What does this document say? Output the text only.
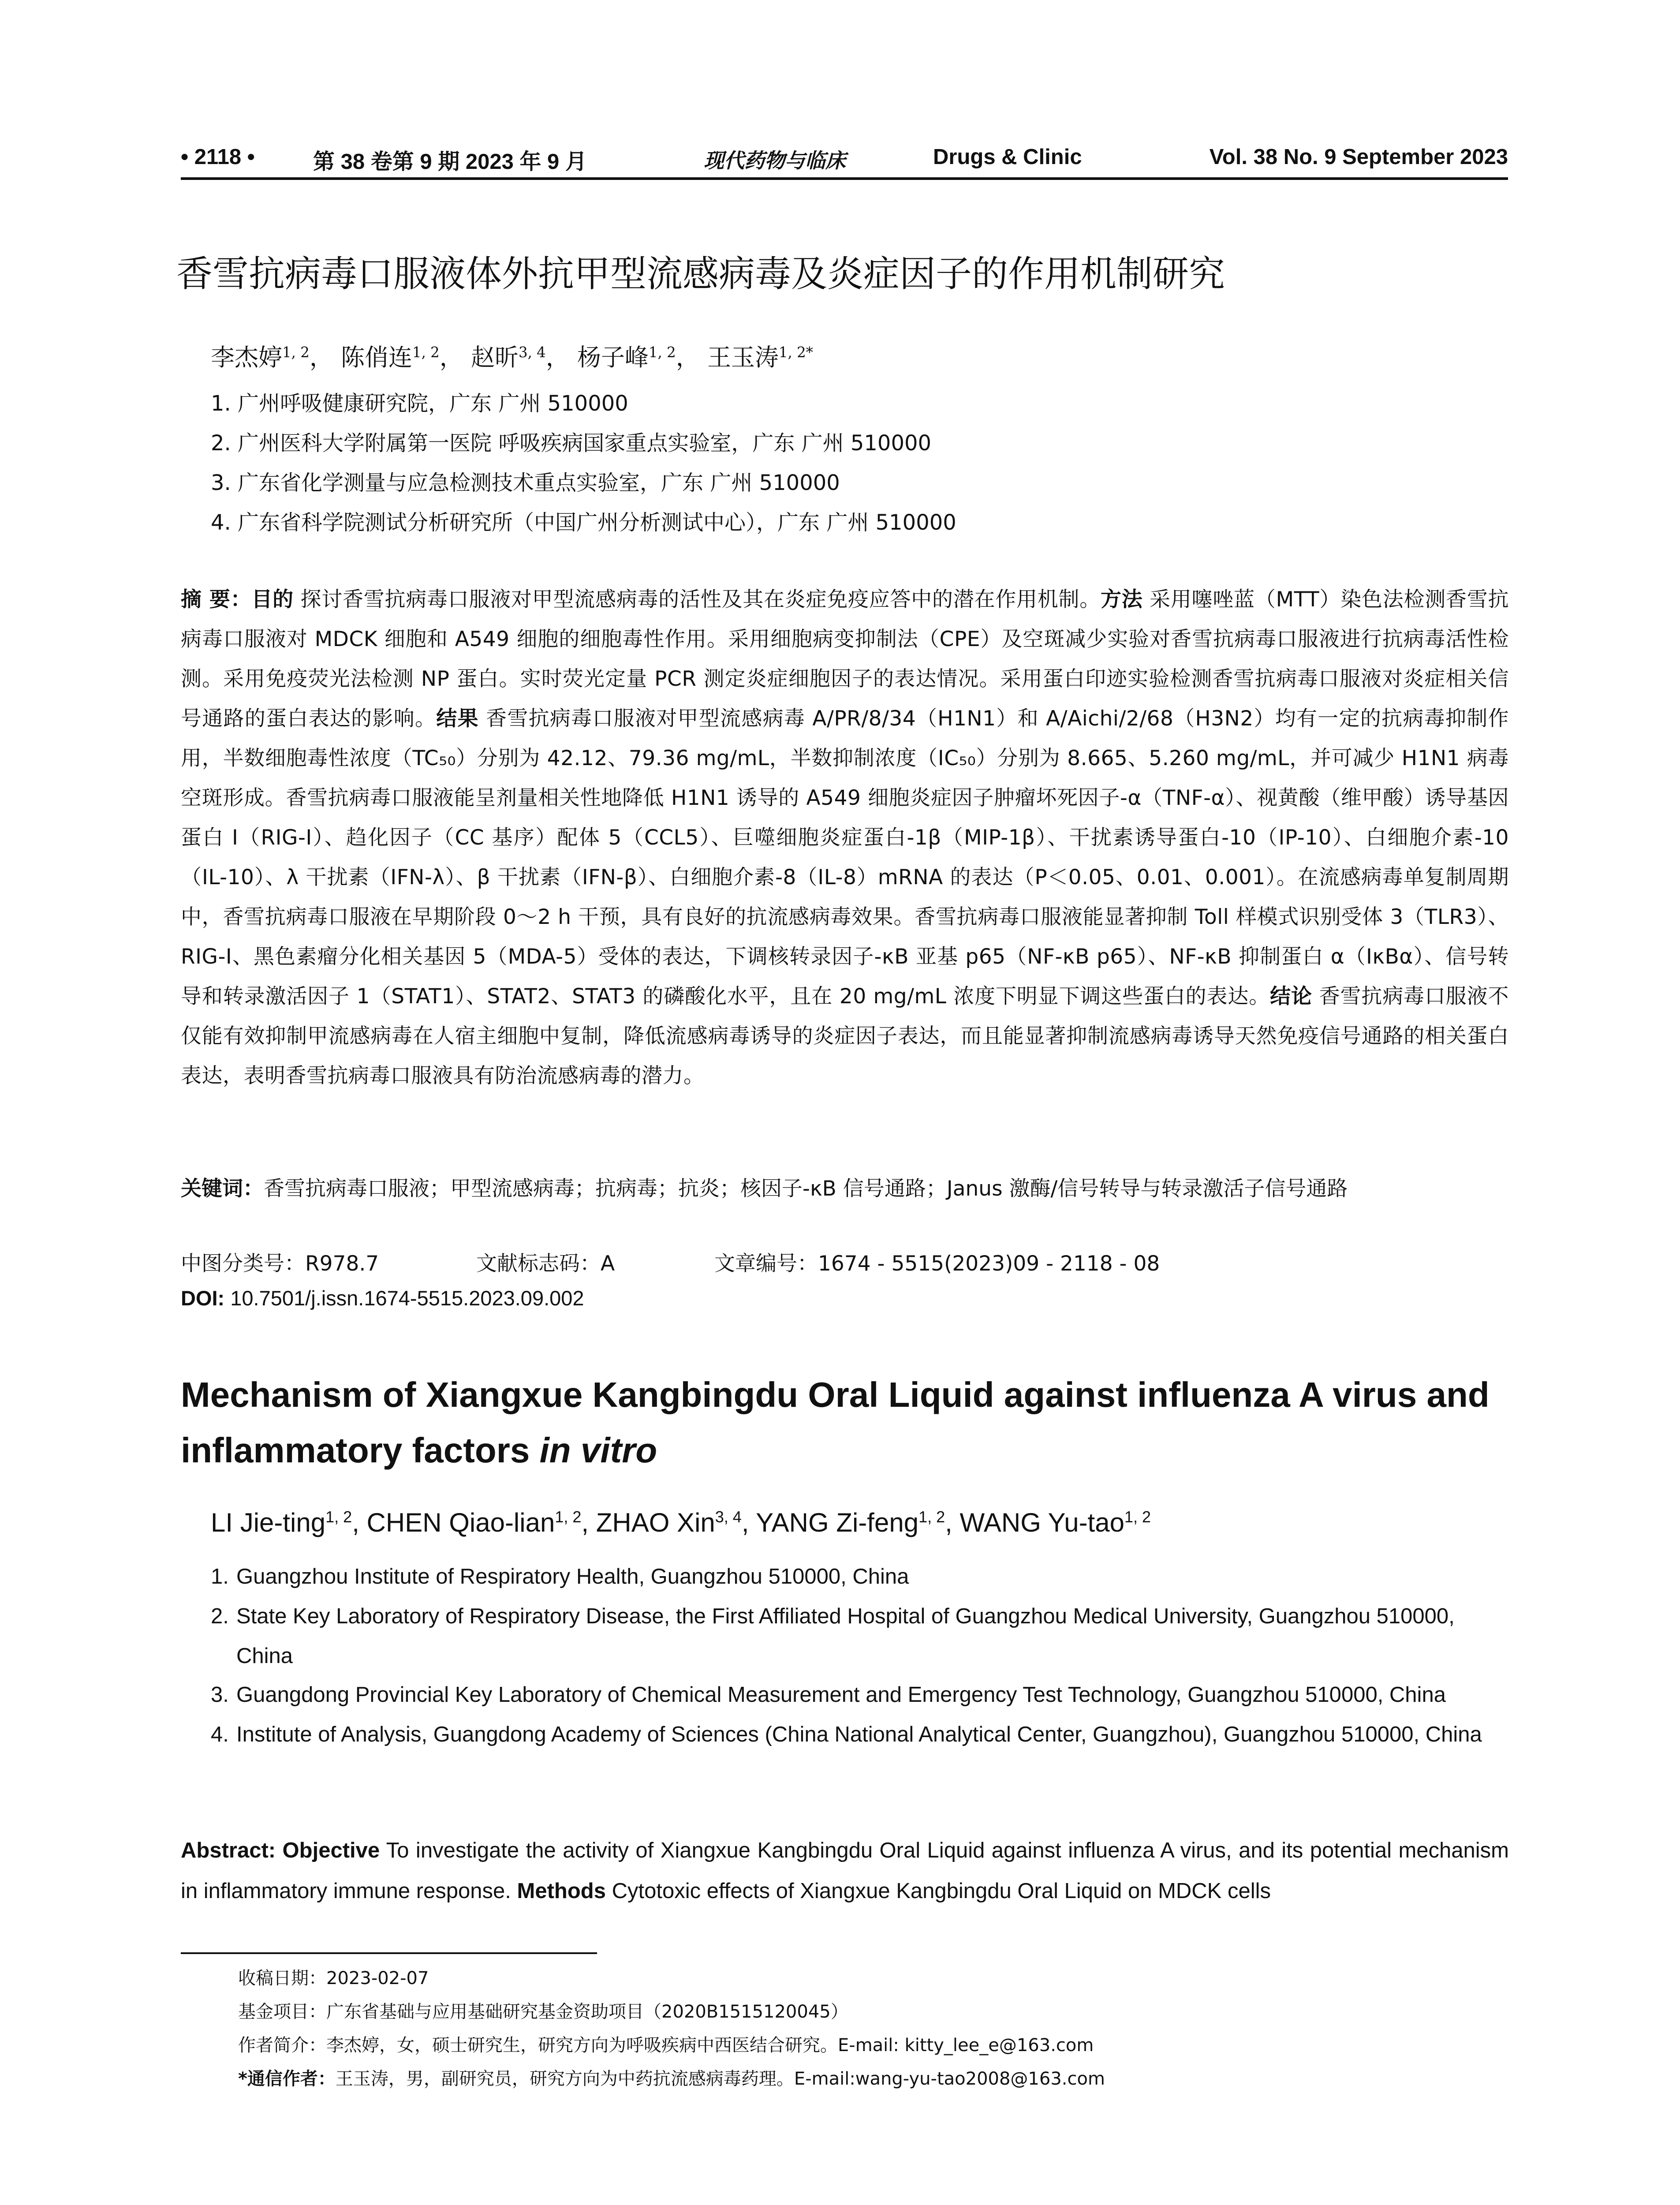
• 2118 •	第 38 卷第 9 期 2023 年 9 月	现代药物与临床	Drugs & Clinic	Vol. 38 No. 9 September 2023
香雪抗病毒口服液体外抗甲型流感病毒及炎症因子的作用机制研究
李杰婷$^{1, 2}$， 陈俏连$^{1, 2}$， 赵昕$^{3, 4}$， 杨子峰$^{1, 2}$， 王玉涛$^{1, 2*}$
1. 广州呼吸健康研究院，广东 广州 510000
2. 广州医科大学附属第一医院 呼吸疾病国家重点实验室，广东 广州 510000
3. 广东省化学测量与应急检测技术重点实验室，广东 广州 510000
4. 广东省科学院测试分析研究所（中国广州分析测试中心），广东 广州 510000
摘 要：目的 探讨香雪抗病毒口服液对甲型流感病毒的活性及其在炎症免疫应答中的潜在作用机制。方法 采用噻唑蓝（MTT）染色法检测香雪抗病毒口服液对 MDCK 细胞和 A549 细胞的细胞毒性作用。采用细胞病变抑制法（CPE）及空斑减少实验对香雪抗病毒口服液进行抗病毒活性检测。采用免疫荧光法检测 NP 蛋白。实时荧光定量 PCR 测定炎症细胞因子的表达情况。采用蛋白印迹实验检测香雪抗病毒口服液对炎症相关信号通路的蛋白表达的影响。结果 香雪抗病毒口服液对甲型流感病毒 A/PR/8/34（H1N1）和 A/Aichi/2/68（H3N2）均有一定的抗病毒抑制作用，半数细胞毒性浓度（TC₅₀）分别为 42.12、79.36 mg/mL，半数抑制浓度（IC₅₀）分别为 8.665、5.260 mg/mL，并可减少 H1N1 病毒空斑形成。香雪抗病毒口服液能呈剂量相关性地降低 H1N1 诱导的 A549 细胞炎症因子肿瘤坏死因子-α（TNF-α）、视黄酸（维甲酸）诱导基因蛋白 I（RIG-I）、趋化因子（CC 基序）配体 5（CCL5）、巨噬细胞炎症蛋白-1β（MIP-1β）、干扰素诱导蛋白-10（IP-10）、白细胞介素-10（IL-10）、λ 干扰素（IFN-λ）、β 干扰素（IFN-β）、白细胞介素-8（IL-8）mRNA 的表达（P＜0.05、0.01、0.001）。在流感病毒单复制周期中，香雪抗病毒口服液在早期阶段 0～2 h 干预，具有良好的抗流感病毒效果。香雪抗病毒口服液能显著抑制 Toll 样模式识别受体 3（TLR3）、RIG-I、黑色素瘤分化相关基因 5（MDA-5）受体的表达，下调核转录因子-κB 亚基 p65（NF-κB p65）、NF-κB 抑制蛋白 α（IκBα）、信号转导和转录激活因子 1（STAT1）、STAT2、STAT3 的磷酸化水平，且在 20 mg/mL 浓度下明显下调这些蛋白的表达。结论 香雪抗病毒口服液不仅能有效抑制甲流感病毒在人宿主细胞中复制，降低流感病毒诱导的炎症因子表达，而且能显著抑制流感病毒诱导天然免疫信号通路的相关蛋白表达，表明香雪抗病毒口服液具有防治流感病毒的潜力。
关键词：香雪抗病毒口服液；甲型流感病毒；抗病毒；抗炎；核因子-κB 信号通路；Janus 激酶/信号转导与转录激活子信号通路
中图分类号：R978.7	文献标志码：A	文章编号：1674 - 5515(2023)09 - 2118 - 08
DOI: 10.7501/j.issn.1674-5515.2023.09.002
Mechanism of Xiangxue Kangbingdu Oral Liquid against influenza A virus and inflammatory factors in vitro
LI Jie-ting$^{1, 2}$, CHEN Qiao-lian$^{1, 2}$, ZHAO Xin$^{3, 4}$, YANG Zi-feng$^{1, 2}$, WANG Yu-tao$^{1, 2}$
1. Guangzhou Institute of Respiratory Health, Guangzhou 510000, China
2. State Key Laboratory of Respiratory Disease, the First Affiliated Hospital of Guangzhou Medical University, Guangzhou 510000, China
3. Guangdong Provincial Key Laboratory of Chemical Measurement and Emergency Test Technology, Guangzhou 510000, China
4. Institute of Analysis, Guangdong Academy of Sciences (China National Analytical Center, Guangzhou), Guangzhou 510000, China
Abstract: Objective To investigate the activity of Xiangxue Kangbingdu Oral Liquid against influenza A virus, and its potential mechanism in inflammatory immune response. Methods Cytotoxic effects of Xiangxue Kangbingdu Oral Liquid on MDCK cells
收稿日期：2023-02-07
基金项目：广东省基础与应用基础研究基金资助项目（2020B1515120045）
作者简介：李杰婷，女，硕士研究生，研究方向为呼吸疾病中西医结合研究。E-mail: kitty_lee_e@163.com
*通信作者：王玉涛，男，副研究员，研究方向为中药抗流感病毒药理。E-mail:wang-yu-tao2008@163.com
